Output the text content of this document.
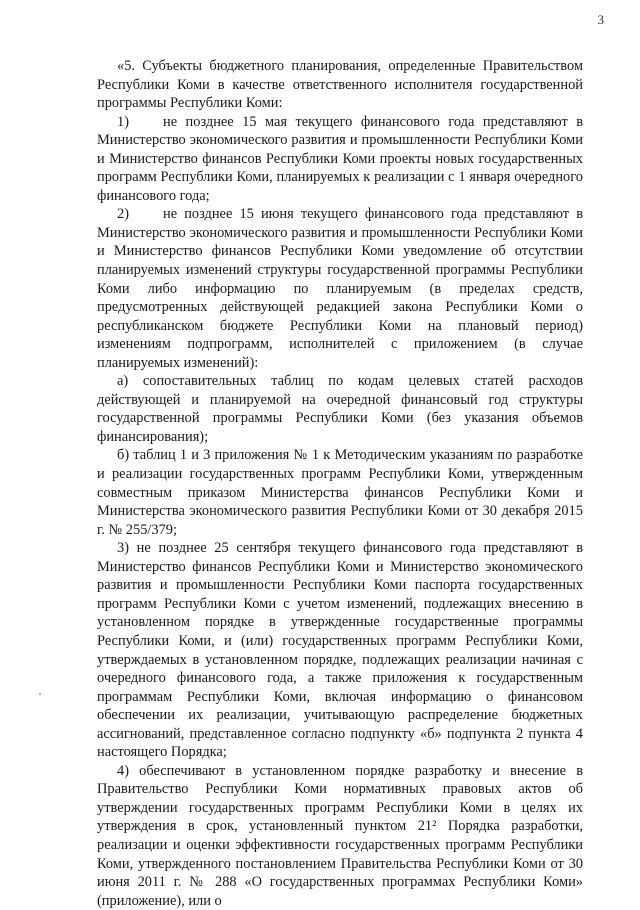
3

«5. Субъекты бюджетного планирования, определенные Правительством Республики Коми в качестве ответственного исполнителя государственной программы Республики Коми:

1) не позднее 15 мая текущего финансового года представляют в Министерство экономического развития и промышленности Республики Коми и Министерство финансов Республики Коми проекты новых государственных программ Республики Коми, планируемых к реализации с 1 января очередного финансового года;

2) не позднее 15 июня текущего финансового года представляют в Министерство экономического развития и промышленности Республики Коми и Министерство финансов Республики Коми уведомление об отсутствии планируемых изменений структуры государственной программы Республики Коми либо информацию по планируемым (в пределах средств, предусмотренных действующей редакцией закона Республики Коми о республиканском бюджете Республики Коми на плановый период) изменениям подпрограмм, исполнителей с приложением (в случае планируемых изменений):

а) сопоставительных таблиц по кодам целевых статей расходов действующей и планируемой на очередной финансовый год структуры государственной программы Республики Коми (без указания объемов финансирования);

б) таблиц 1 и 3 приложения № 1 к Методическим указаниям по разработке и реализации государственных программ Республики Коми, утвержденным совместным приказом Министерства финансов Республики Коми и Министерства экономического развития Республики Коми от 30 декабря 2015 г. № 255/379;

3) не позднее 25 сентября текущего финансового года представляют в Министерство финансов Республики Коми и Министерство экономического развития и промышленности Республики Коми паспорта государственных программ Республики Коми с учетом изменений, подлежащих внесению в установленном порядке в утвержденные государственные программы Республики Коми, и (или) государственных программ Республики Коми, утверждаемых в установленном порядке, подлежащих реализации начиная с очередного финансового года, а также приложения к государственным программам Республики Коми, включая информацию о финансовом обеспечении их реализации, учитывающую распределение бюджетных ассигнований, представленное согласно подпункту «б» подпункта 2 пункта 4 настоящего Порядка;

4) обеспечивают в установленном порядке разработку и внесение в Правительство Республики Коми нормативных правовых актов об утверждении государственных программ Республики Коми в целях их утверждения в срок, установленный пунктом 21² Порядка разработки, реализации и оценки эффективности государственных программ Республики Коми, утвержденного постановлением Правительства Республики Коми от 30 июня 2011 г. № 288 «О государственных программах Республики Коми» (приложение), или о
